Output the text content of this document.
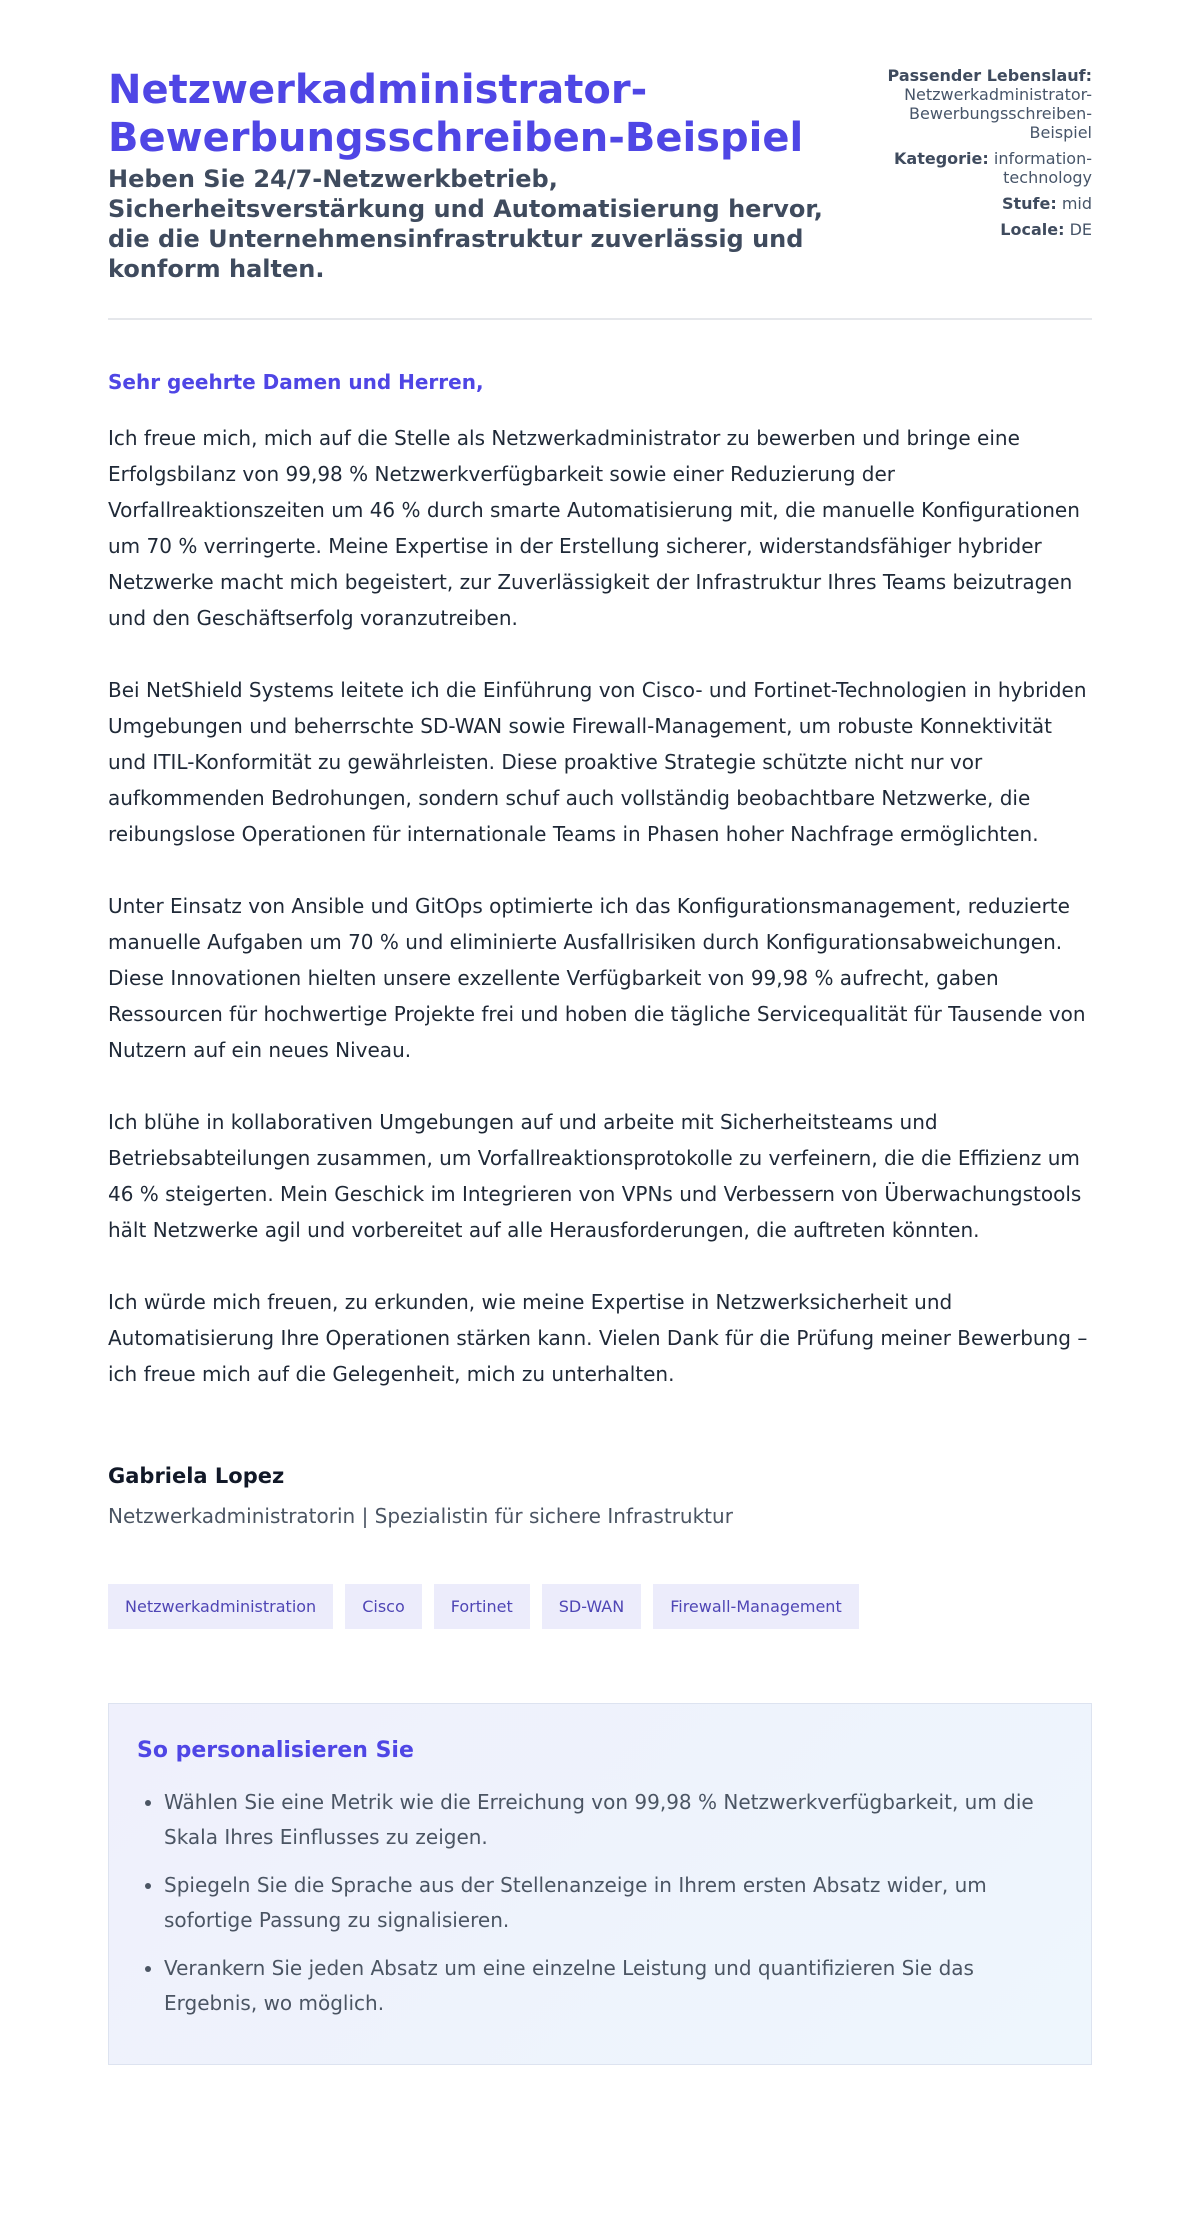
Netzwerkadministrator-Bewerbungsschreiben-Beispiel

Heben Sie 24/7-Netzwerkbetrieb, Sicherheitsverstärkung und Automatisierung hervor, die die Unternehmensinfrastruktur zuverlässig und konform halten.

Passender Lebenslauf:
Netzwerkadministrator-Bewerbungsschreiben-Beispiel
Kategorie: information-technology
Stufe: mid
Locale: DE
Sehr geehrte Damen und Herren,

Ich freue mich, mich auf die Stelle als Netzwerkadministrator zu bewerben und bringe eine Erfolgsbilanz von 99,98 % Netzwerkverfügbarkeit sowie einer Reduzierung der Vorfallreaktionszeiten um 46 % durch smarte Automatisierung mit, die manuelle Konfigurationen um 70 % verringerte. Meine Expertise in der Erstellung sicherer, widerstandsfähiger hybrider Netzwerke macht mich begeistert, zur Zuverlässigkeit der Infrastruktur Ihres Teams beizutragen und den Geschäftserfolg voranzutreiben.

Bei NetShield Systems leitete ich die Einführung von Cisco- und Fortinet-Technologien in hybriden Umgebungen und beherrschte SD-WAN sowie Firewall-Management, um robuste Konnektivität und ITIL-Konformität zu gewährleisten. Diese proaktive Strategie schützte nicht nur vor aufkommenden Bedrohungen, sondern schuf auch vollständig beobachtbare Netzwerke, die reibungslose Operationen für internationale Teams in Phasen hoher Nachfrage ermöglichten.

Unter Einsatz von Ansible und GitOps optimierte ich das Konfigurationsmanagement, reduzierte manuelle Aufgaben um 70 % und eliminierte Ausfallrisiken durch Konfigurationsabweichungen. Diese Innovationen hielten unsere exzellente Verfügbarkeit von 99,98 % aufrecht, gaben Ressourcen für hochwertige Projekte frei und hoben die tägliche Servicequalität für Tausende von Nutzern auf ein neues Niveau.

Ich blühe in kollaborativen Umgebungen auf und arbeite mit Sicherheitsteams und Betriebsabteilungen zusammen, um Vorfallreaktionsprotokolle zu verfeinern, die die Effizienz um 46 % steigerten. Mein Geschick im Integrieren von VPNs und Verbessern von Überwachungstools hält Netzwerke agil und vorbereitet auf alle Herausforderungen, die auftreten könnten.

Ich würde mich freuen, zu erkunden, wie meine Expertise in Netzwerksicherheit und Automatisierung Ihre Operationen stärken kann. Vielen Dank für die Prüfung meiner Bewerbung – ich freue mich auf die Gelegenheit, mich zu unterhalten.

Gabriela Lopez
Netzwerkadministratorin | Spezialistin für sichere Infrastruktur
Netzwerkadministration	Cisco	Fortinet	SD-WAN	Firewall-Management
So personalisieren Sie
• Wählen Sie eine Metrik wie die Erreichung von 99,98 % Netzwerkverfügbarkeit, um die Skala Ihres Einflusses zu zeigen.
• Spiegeln Sie die Sprache aus der Stellenanzeige in Ihrem ersten Absatz wider, um sofortige Passung zu signalisieren.
• Verankern Sie jeden Absatz um eine einzelne Leistung und quantifizieren Sie das Ergebnis, wo möglich.
